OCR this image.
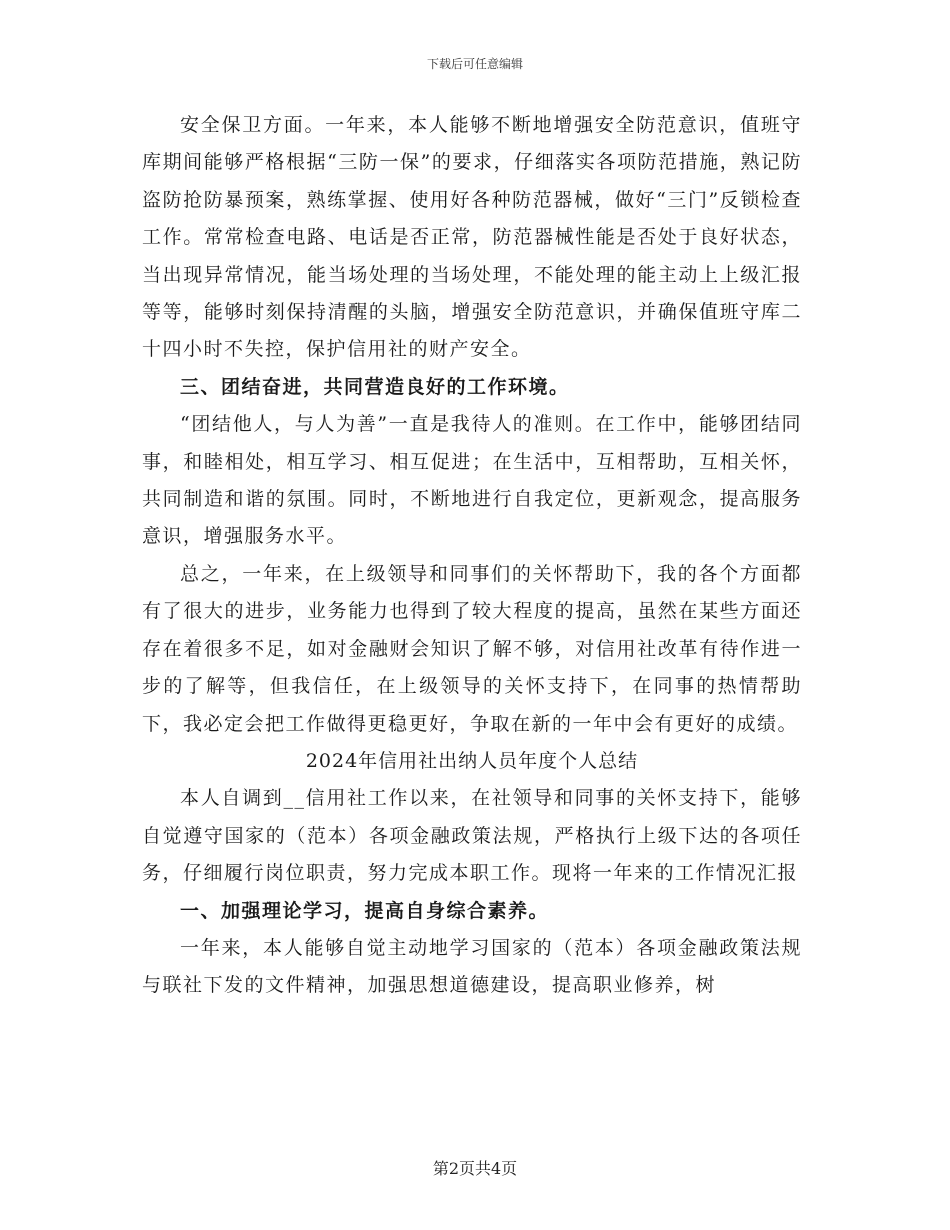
下载后可任意编辑

安全保卫方面。一年来，本人能够不断地增强安全防范意识，值班守库期间能够严格根据“三防一保”的要求，仔细落实各项防范措施，熟记防盗防抢防暴预案，熟练掌握、使用好各种防范器械，做好“三门”反锁检查工作。常常检查电路、电话是否正常，防范器械性能是否处于良好状态，当出现异常情况，能当场处理的当场处理，不能处理的能主动上上级汇报等等，能够时刻保持清醒的头脑，增强安全防范意识，并确保值班守库二十四小时不失控，保护信用社的财产安全。

三、团结奋进，共同营造良好的工作环境。

“团结他人，与人为善”一直是我待人的准则。在工作中，能够团结同事，和睦相处，相互学习、相互促进；在生活中，互相帮助，互相关怀，共同制造和谐的氛围。同时，不断地进行自我定位，更新观念，提高服务意识，增强服务水平。

总之，一年来，在上级领导和同事们的关怀帮助下，我的各个方面都有了很大的进步，业务能力也得到了较大程度的提高，虽然在某些方面还存在着很多不足，如对金融财会知识了解不够，对信用社改革有待作进一步的了解等，但我信任，在上级领导的关怀支持下，在同事的热情帮助下，我必定会把工作做得更稳更好，争取在新的一年中会有更好的成绩。

2024年信用社出纳人员年度个人总结

本人自调到__信用社工作以来，在社领导和同事的关怀支持下，能够自觉遵守国家的（范本）各项金融政策法规，严格执行上级下达的各项任务，仔细履行岗位职责，努力完成本职工作。现将一年来的工作情况汇报

一、加强理论学习，提高自身综合素养。

一年来，本人能够自觉主动地学习国家的（范本）各项金融政策法规与联社下发的文件精神，加强思想道德建设，提高职业修养，树

第2页共4页
